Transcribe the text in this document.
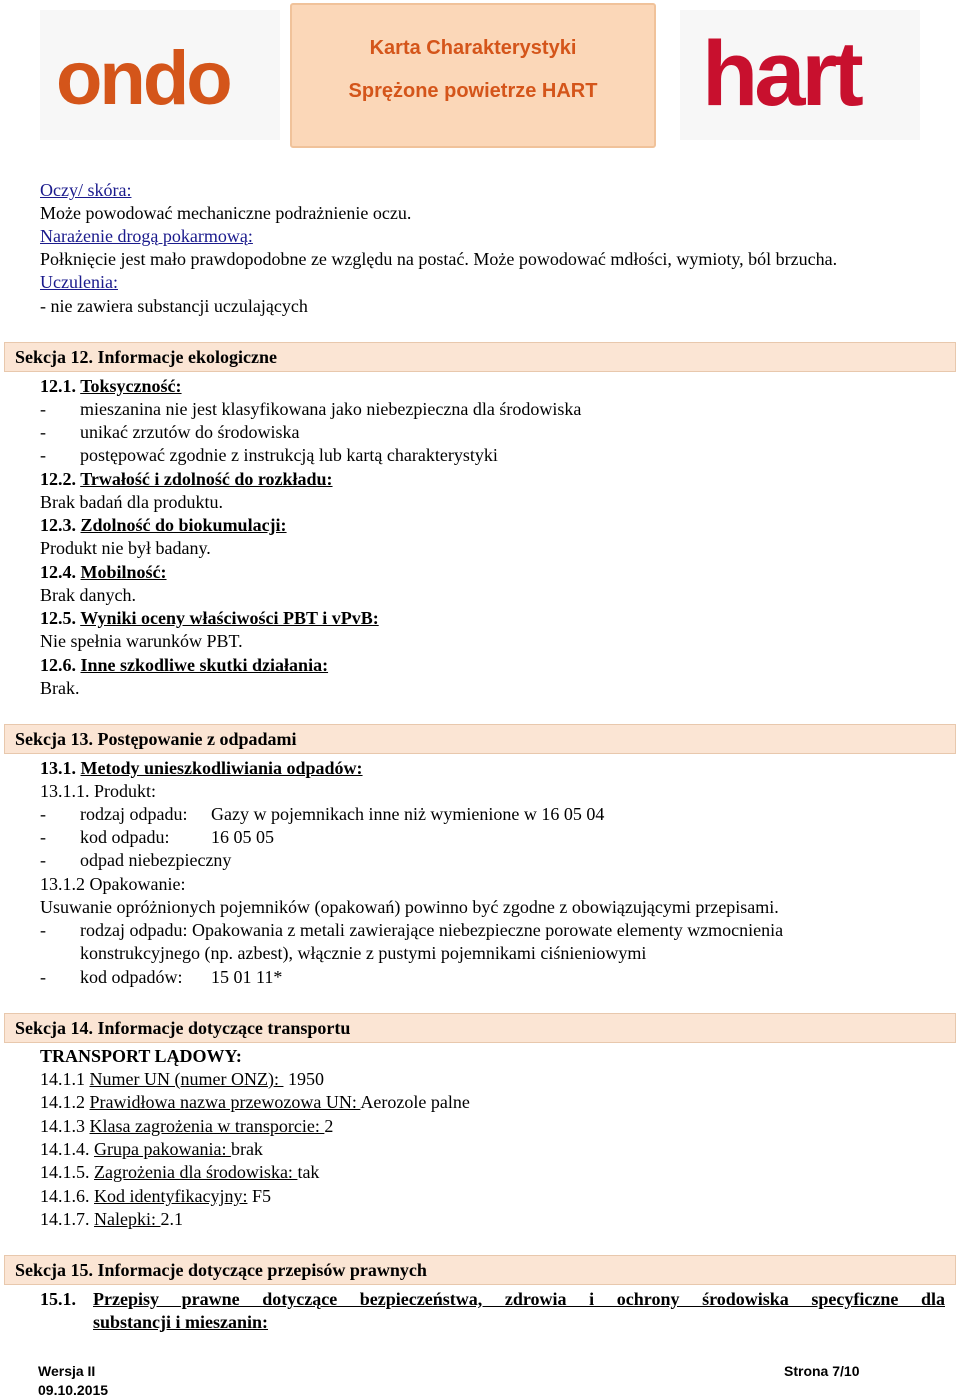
ondo	Karta Charakterystyki
Sprężone powietrze HART	hart
Oczy/ skóra:
Może powodować mechaniczne podrażnienie oczu.
Narażenie drogą pokarmową:
Połknięcie jest mało prawdopodobne ze względu na postać. Może powodować mdłości, wymioty, ból brzucha.
Uczulenia:
- nie zawiera substancji uczulających
Sekcja 12. Informacje ekologiczne
12.1. Toksyczność:
- mieszanina nie jest klasyfikowana jako niebezpieczna dla środowiska
- unikać zrzutów do środowiska
- postępować zgodnie z instrukcją lub kartą charakterystyki
12.2. Trwałość i zdolność do rozkładu:
Brak badań dla produktu.
12.3. Zdolność do biokumulacji:
Produkt nie był badany.
12.4. Mobilność:
Brak danych.
12.5. Wyniki oceny właściwości PBT i vPvB:
Nie spełnia warunków PBT.
12.6. Inne szkodliwe skutki działania:
Brak.
Sekcja 13. Postępowanie z odpadami
13.1. Metody unieszkodliwiania odpadów:
13.1.1. Produkt:
- rodzaj odpadu: Gazy w pojemnikach inne niż wymienione w 16 05 04
- kod odpadu: 16 05 05
- odpad niebezpieczny
13.1.2 Opakowanie:
Usuwanie opróżnionych pojemników (opakowań) powinno być zgodne z obowiązującymi przepisami.
- rodzaj odpadu: Opakowania z metali zawierające niebezpieczne porowate elementy wzmocnienia
konstrukcyjnego (np. azbest), włącznie z pustymi pojemnikami ciśnieniowymi
- kod odpadów: 15 01 11*
Sekcja 14. Informacje dotyczące transportu
TRANSPORT LĄDOWY:
14.1.1 Numer UN (numer ONZ):  1950
14.1.2 Prawidłowa nazwa przewozowa UN: Aerozole palne
14.1.3 Klasa zagrożenia w transporcie: 2
14.1.4. Grupa pakowania: brak
14.1.5. Zagrożenia dla środowiska: tak
14.1.6. Kod identyfikacyjny: F5
14.1.7. Nalepki: 2.1
Sekcja 15. Informacje dotyczące przepisów prawnych
15.1. Przepisy prawne dotyczące bezpieczeństwa, zdrowia i ochrony środowiska specyficzne dla
substancji i mieszanin:
Wersja II
09.10.2015
Strona 7/10
